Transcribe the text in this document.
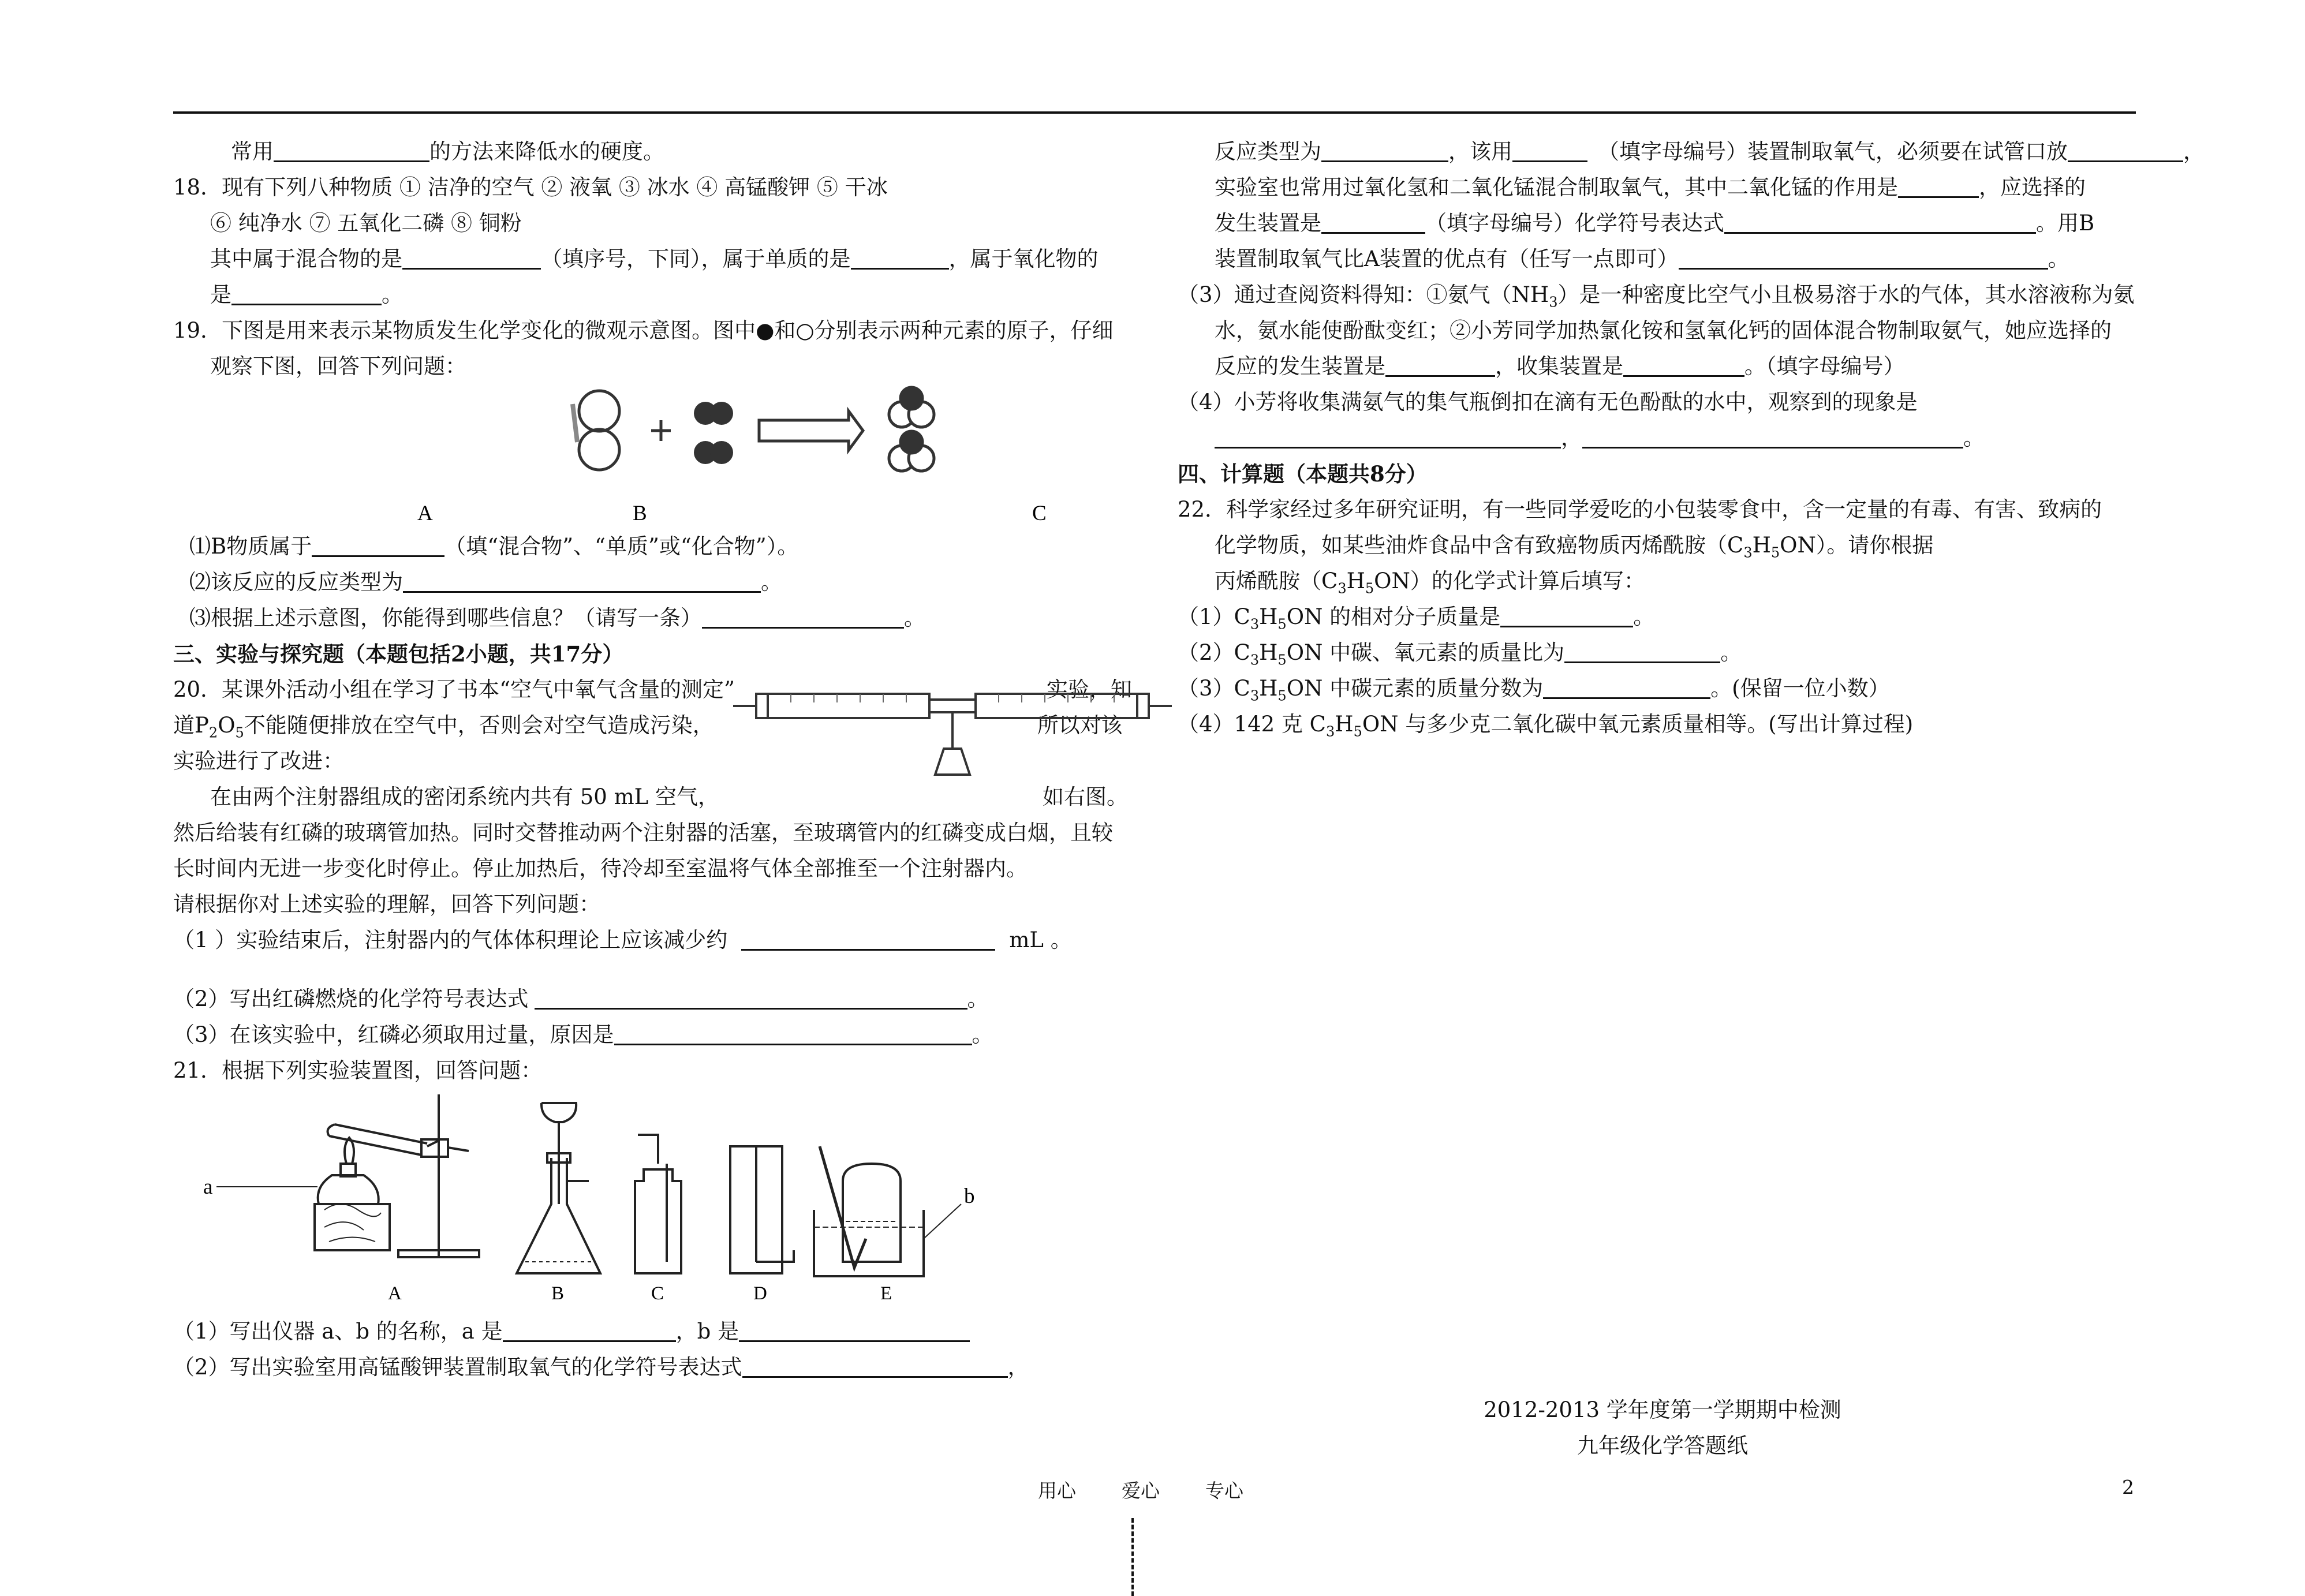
常用	的方法来降低水的硬度。
18．现有下列八种物质 ① 洁净的空气 ② 液氧 ③ 冰水 ④ 高锰酸钾 ⑤ 干冰
⑥ 纯净水 ⑦ 五氧化二磷 ⑧ 铜粉
其中属于混合物的是	（填序号，下同），属于单质的是	，属于氧化物的
是	。
19．下图是用来表示某物质发生化学变化的微观示意图。图中●和○分别表示两种元素的原子，仔细
观察下图，回答下列问题：
A	B	C
⑴B物质属于	（填“混合物”、“单质”或“化合物”）。
⑵该反应的反应类型为	。
⑶根据上述示意图，你能得到哪些信息？（请写一条）	。
三、实验与探究题（本题包括2小题，共17分）
20．某课外活动小组在学习了书本“空气中氧气含量的测定”	实验，知
道$P_2O_5$不能随便排放在空气中，否则会对空气造成污染，	所以对该
实验进行了改进：
在由两个注射器组成的密闭系统内共有 50 mL 空气，	如右图。
然后给装有红磷的玻璃管加热。同时交替推动两个注射器的活塞，至玻璃管内的红磷变成白烟，且较
长时间内无进一步变化时停止。停止加热后，待冷却至室温将气体全部推至一个注射器内。
请根据你对上述实验的理解，回答下列问题：
（1 ）实验结束后，注射器内的气体体积理论上应该减少约	mL 。
（2）写出红磷燃烧的化学符号表达式	。
（3）在该实验中，红磷必须取用过量，原因是	。
21．根据下列实验装置图，回答问题：
a	b
A	B	C	D	E
（1）写出仪器 a、b 的名称，a 是	，b 是
（2）写出实验室用高锰酸钾装置制取氧气的化学符号表达式	，
反应类型为	，该用	（填字母编号）装置制取氧气，必须要在试管口放	，
实验室也常用过氧化氢和二氧化锰混合制取氧气，其中二氧化锰的作用是	，应选择的
发生装置是	（填字母编号）化学符号表达式	。用B
装置制取氧气比A装置的优点有（任写一点即可）	。
（3）通过查阅资料得知：①氨气$(NH_3)$是一种密度比空气小且极易溶于水的气体，其水溶液称为氨
水，氨水能使酚酞变红；②小芳同学加热氯化铵和氢氧化钙的固体混合物制取氨气，她应选择的
反应的发生装置是	，收集装置是	。（填字母编号）
（4）小芳将收集满氨气的集气瓶倒扣在滴有无色酚酞的水中，观察到的现象是
，	。
四、计算题（本题共8分）
22．科学家经过多年研究证明，有一些同学爱吃的小包装零食中，含一定量的有毒、有害、致病的
化学物质，如某些油炸食品中含有致癌物质丙烯酰胺$(C_3H_5ON)$。请你根据
丙烯酰胺$(C_3H_5ON)$的化学式计算后填写：
$(1)C_3H_5ON$ 的相对分子质量是	。
$(2)C_3H_5ON$ 中碳、氧元素的质量比为	。
$(3)C_3H_5ON$ 中碳元素的质量分数为	。(保留一位小数）
（4）142 克 $C_3H_5ON$ 与多少克二氧化碳中氧元素质量相等。(写出计算过程)
2012-2013 学年度第一学期期中检测
九年级化学答题纸
用心 爱心 专心	2
